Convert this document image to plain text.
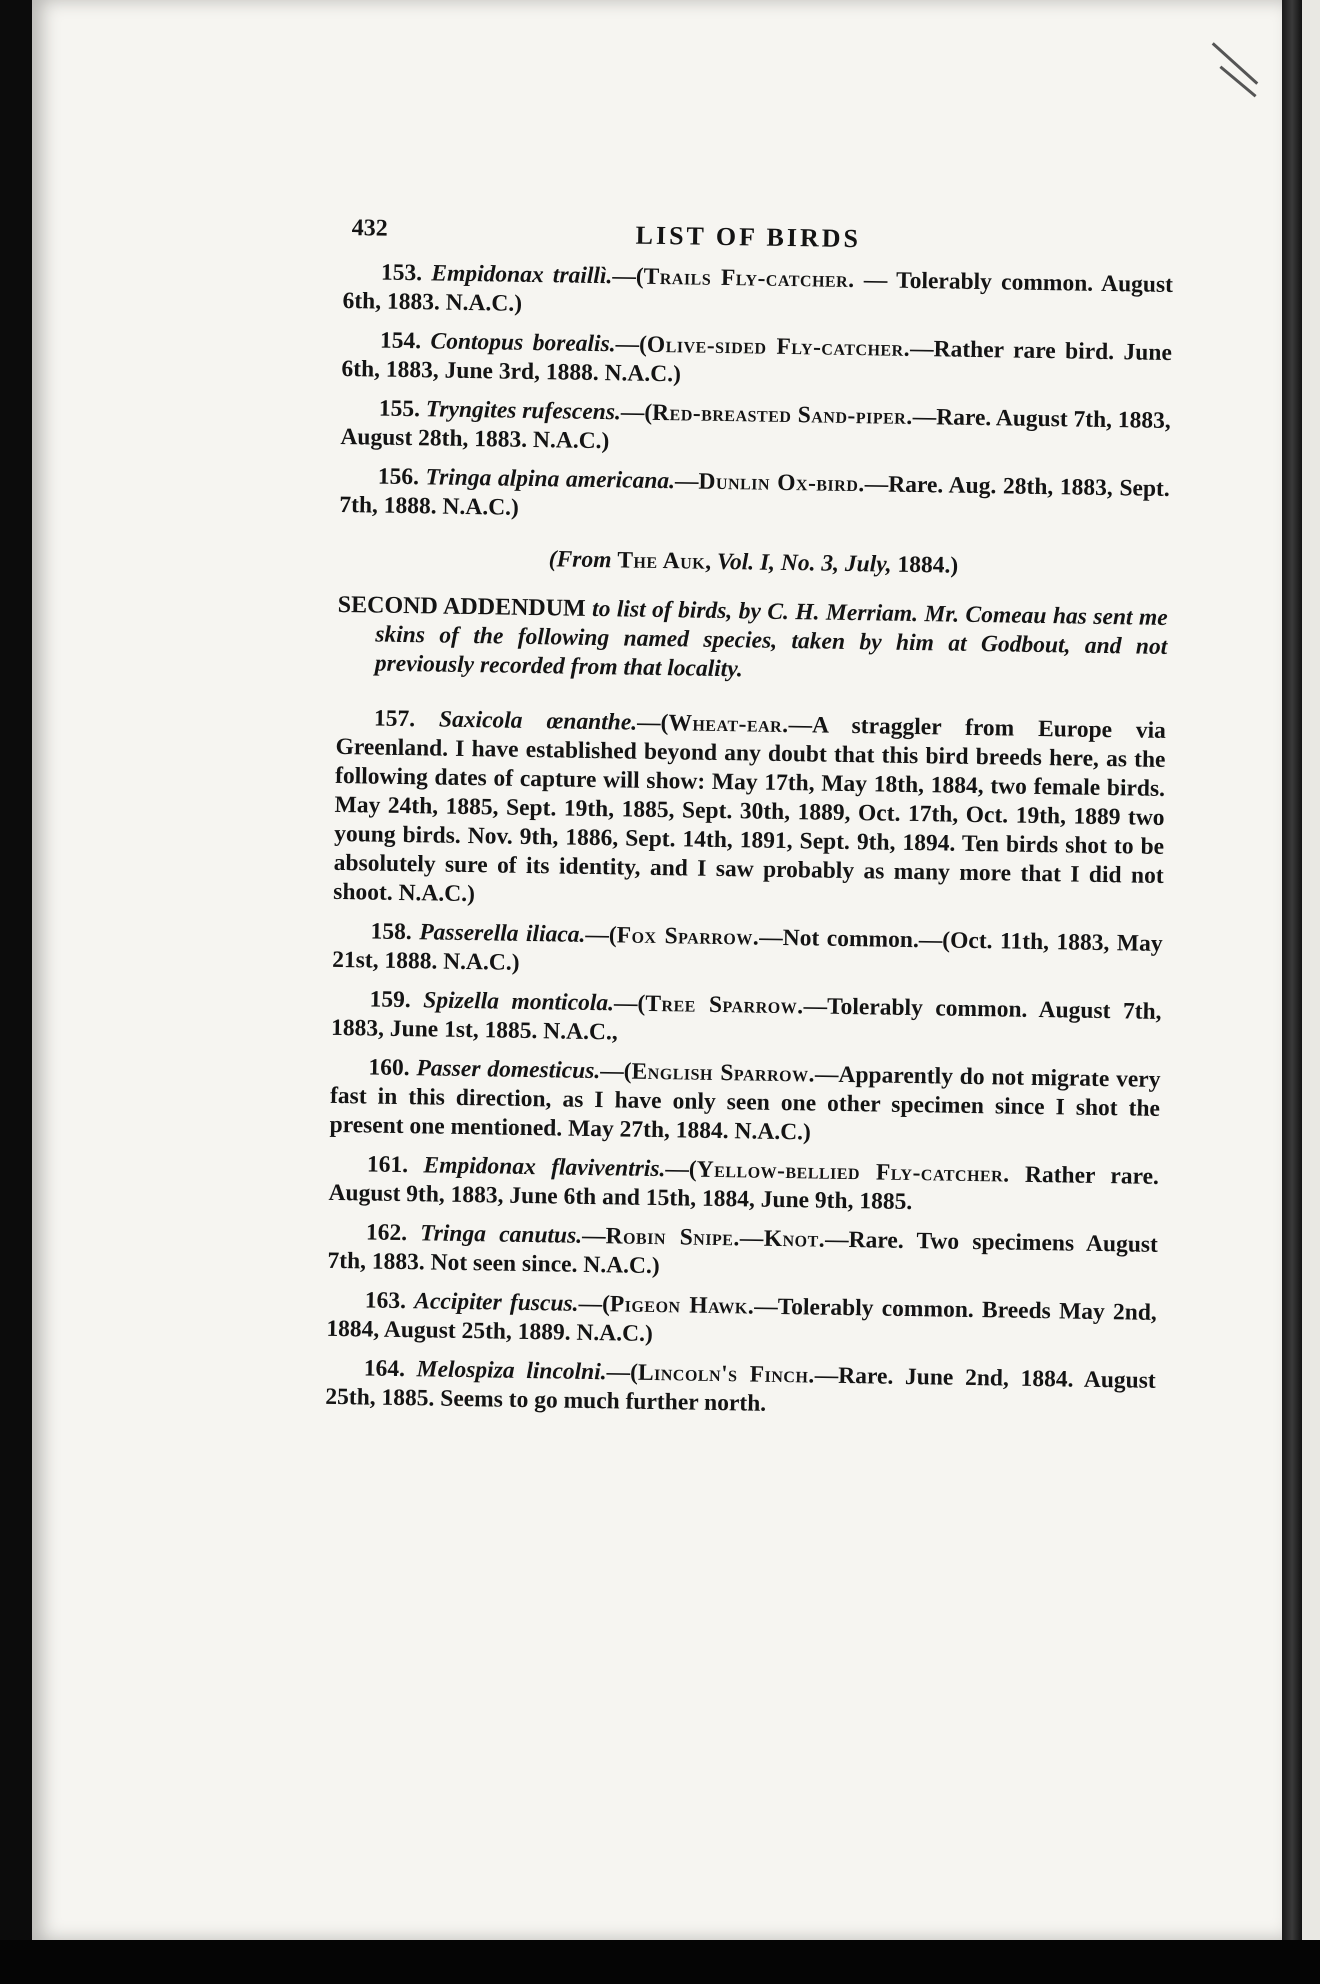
432	LIST OF BIRDS

153. Empidonax traillì.—(Trails Fly-catcher. — Tolerably common. August 6th, 1883. N.A.C.)

154. Contopus borealis.—(Olive-sided Fly-catcher.—Rather rare bird. June 6th, 1883, June 3rd, 1888. N.A.C.)

155. Tryngites rufescens.—(Red-breasted Sand-piper.—Rare. August 7th, 1883, August 28th, 1883. N.A.C.)

156. Tringa alpina americana.—Dunlin Ox-bird.—Rare. Aug. 28th, 1883, Sept. 7th, 1888. N.A.C.)

(From The Auk, Vol. I, No. 3, July, 1884.)

SECOND ADDENDUM to list of birds, by C. H. Merriam. Mr. Comeau has sent me skins of the following named species, taken by him at Godbout, and not previously recorded from that locality.

157. Saxicola œnanthe.—(Wheat-ear.—A straggler from Europe via Greenland. I have established beyond any doubt that this bird breeds here, as the following dates of capture will show: May 17th, May 18th, 1884, two female birds. May 24th, 1885, Sept. 19th, 1885, Sept. 30th, 1889, Oct. 17th, Oct. 19th, 1889 two young birds. Nov. 9th, 1886, Sept. 14th, 1891, Sept. 9th, 1894. Ten birds shot to be absolutely sure of its identity, and I saw probably as many more that I did not shoot. N.A.C.)

158. Passerella iliaca.—(Fox Sparrow.—Not common.—(Oct. 11th, 1883, May 21st, 1888. N.A.C.)

159. Spizella monticola.—(Tree Sparrow.—Tolerably common. August 7th, 1883, June 1st, 1885. N.A.C.,

160. Passer domesticus.—(English Sparrow.—Apparently do not migrate very fast in this direction, as I have only seen one other specimen since I shot the present one mentioned. May 27th, 1884. N.A.C.)

161. Empidonax flaviventris.—(Yellow-bellied Fly-catcher. Rather rare. August 9th, 1883, June 6th and 15th, 1884, June 9th, 1885.

162. Tringa canutus.—Robin Snipe.—Knot.—Rare. Two specimens August 7th, 1883. Not seen since. N.A.C.)

163. Accipiter fuscus.—(Pigeon Hawk.—Tolerably common. Breeds May 2nd, 1884, August 25th, 1889. N.A.C.)

164. Melospiza lincolni.—(Lincoln's Finch.—Rare. June 2nd, 1884. August 25th, 1885. Seems to go much further north.
